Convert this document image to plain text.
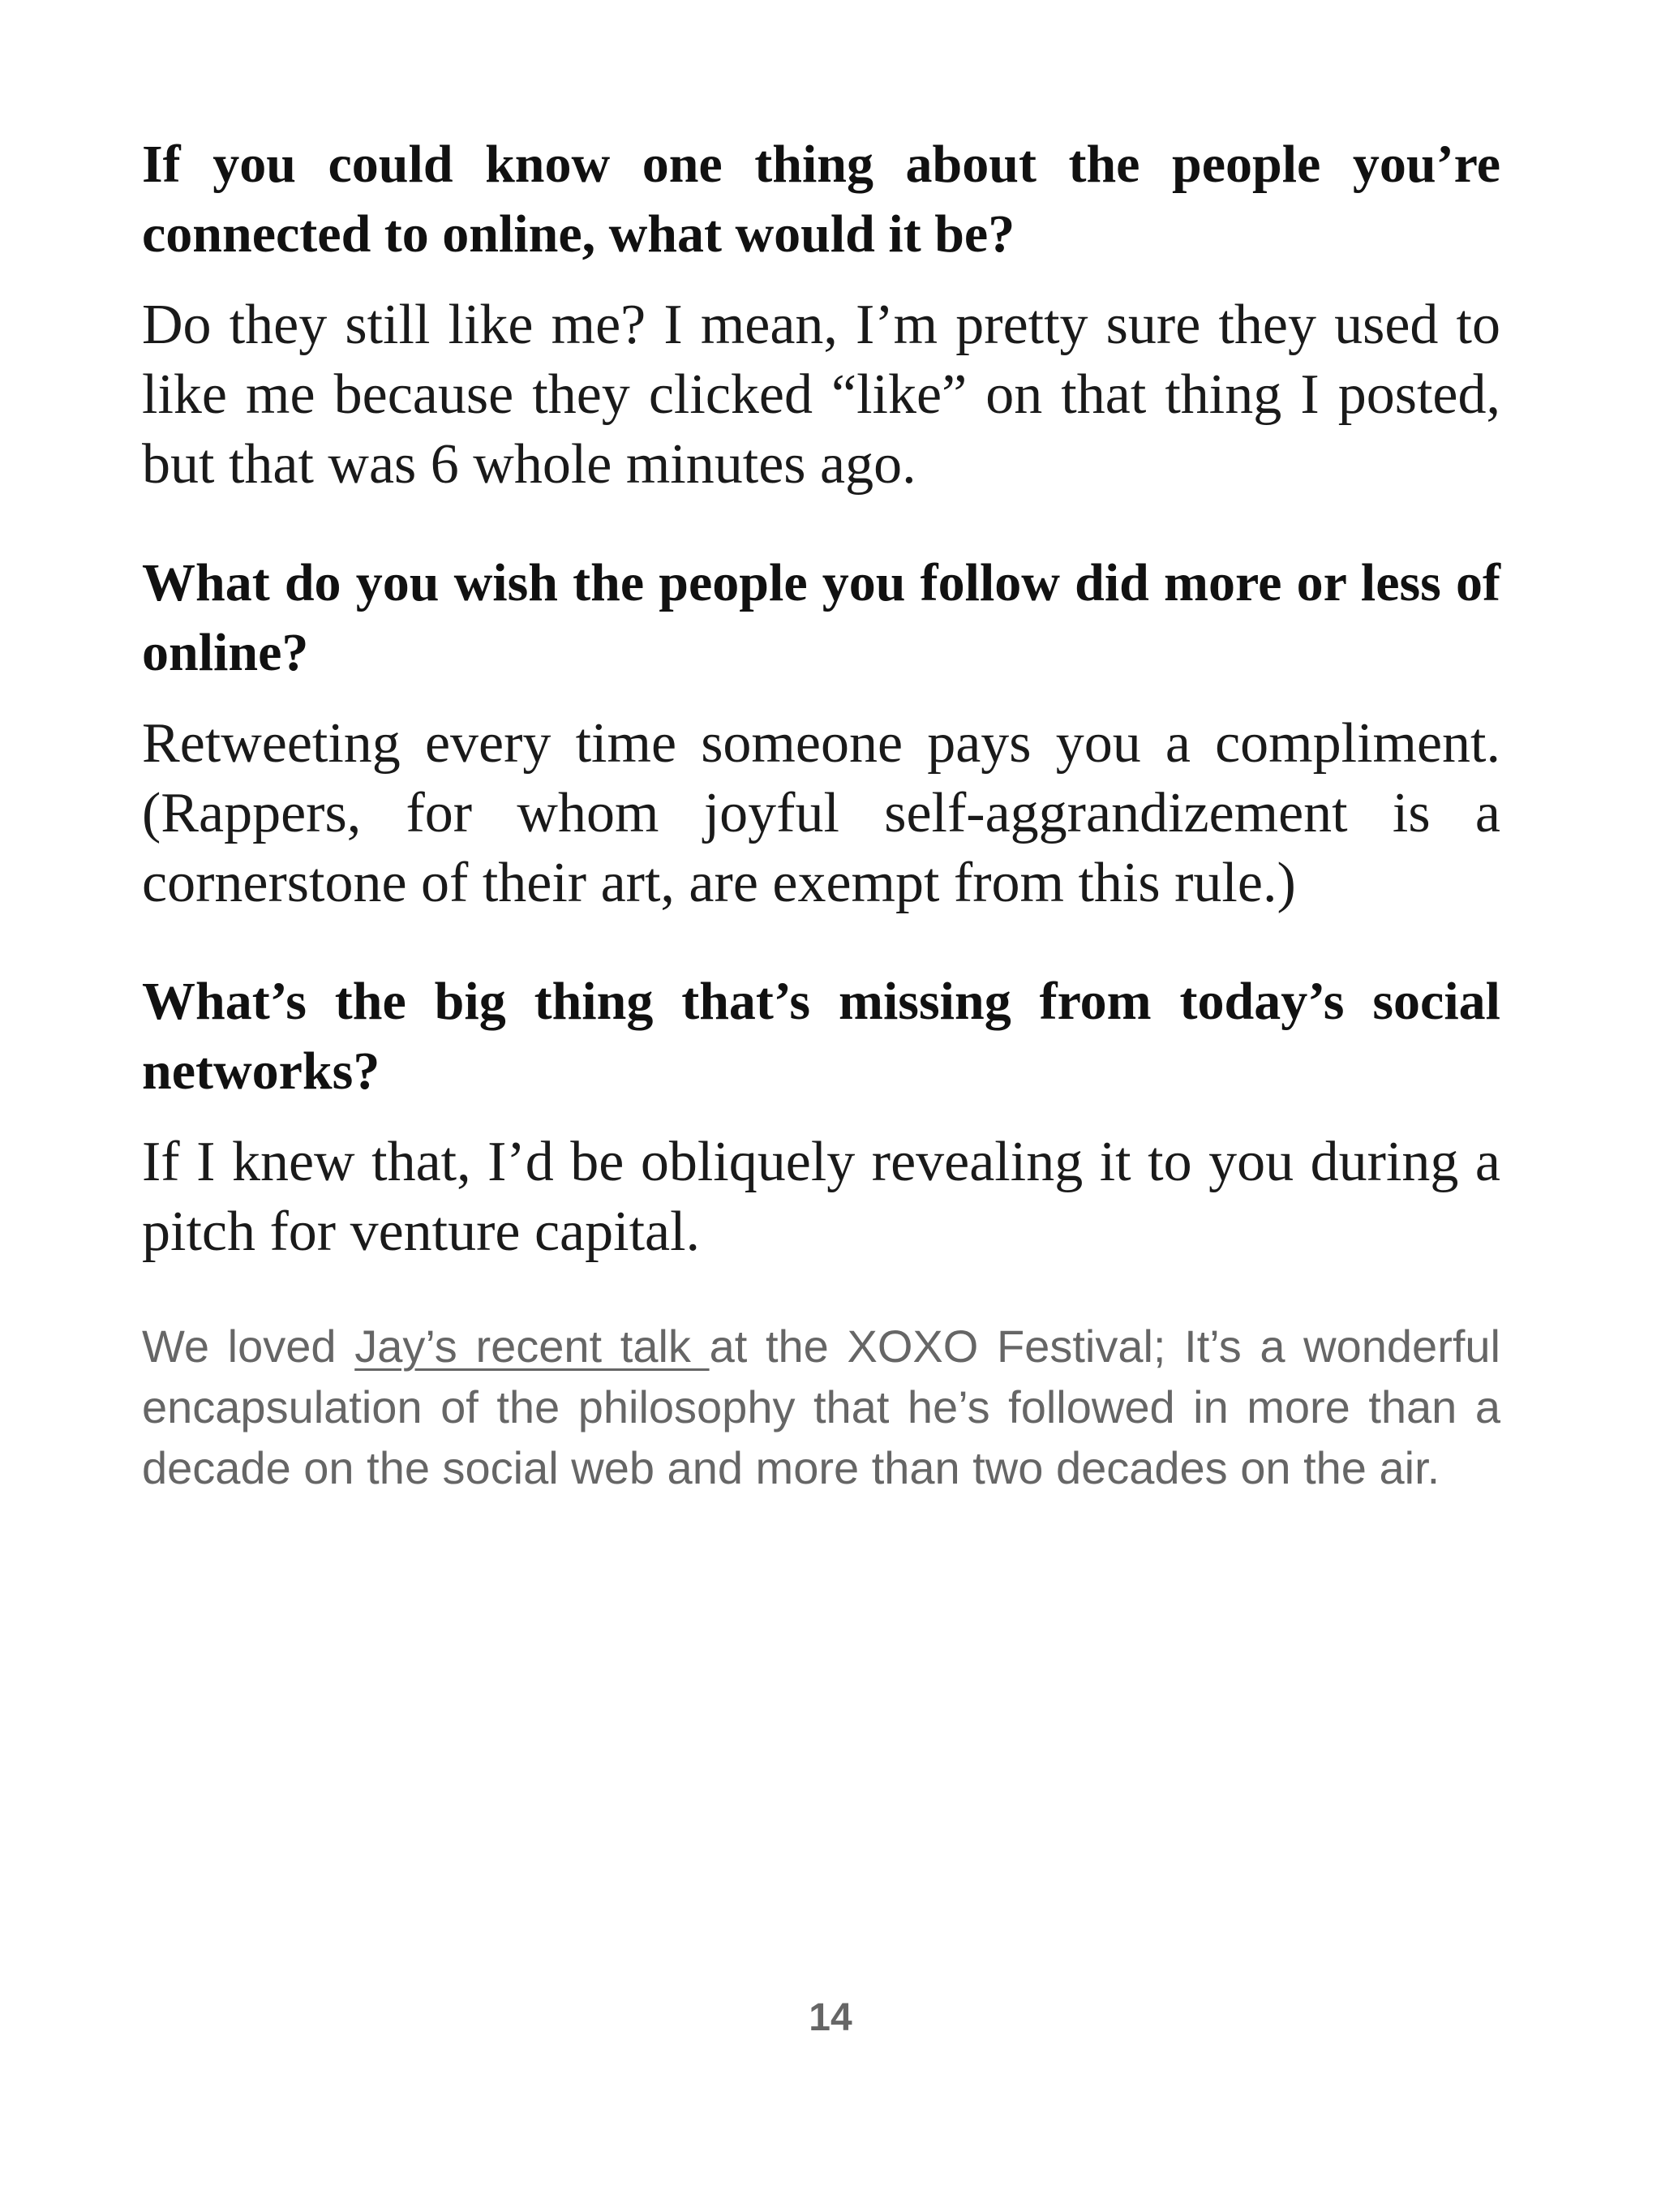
If you could know one thing about the people you’re connected to online, what would it be?

Do they still like me? I mean, I’m pretty sure they used to like me because they clicked “like” on that thing I posted, but that was 6 whole minutes ago.

What do you wish the people you follow did more or less of online?

Retweeting every time someone pays you a compliment. (Rappers, for whom joyful self-aggrandizement is a cornerstone of their art, are exempt from this rule.)

What’s the big thing that’s missing from today’s social networks?

If I knew that, I’d be obliquely revealing it to you during a pitch for venture capital.

We loved Jay’s recent talk at the XOXO Festival; It’s a wonderful encapsulation of the philosophy that he’s followed in more than a decade on the social web and more than two decades on the air.

14
